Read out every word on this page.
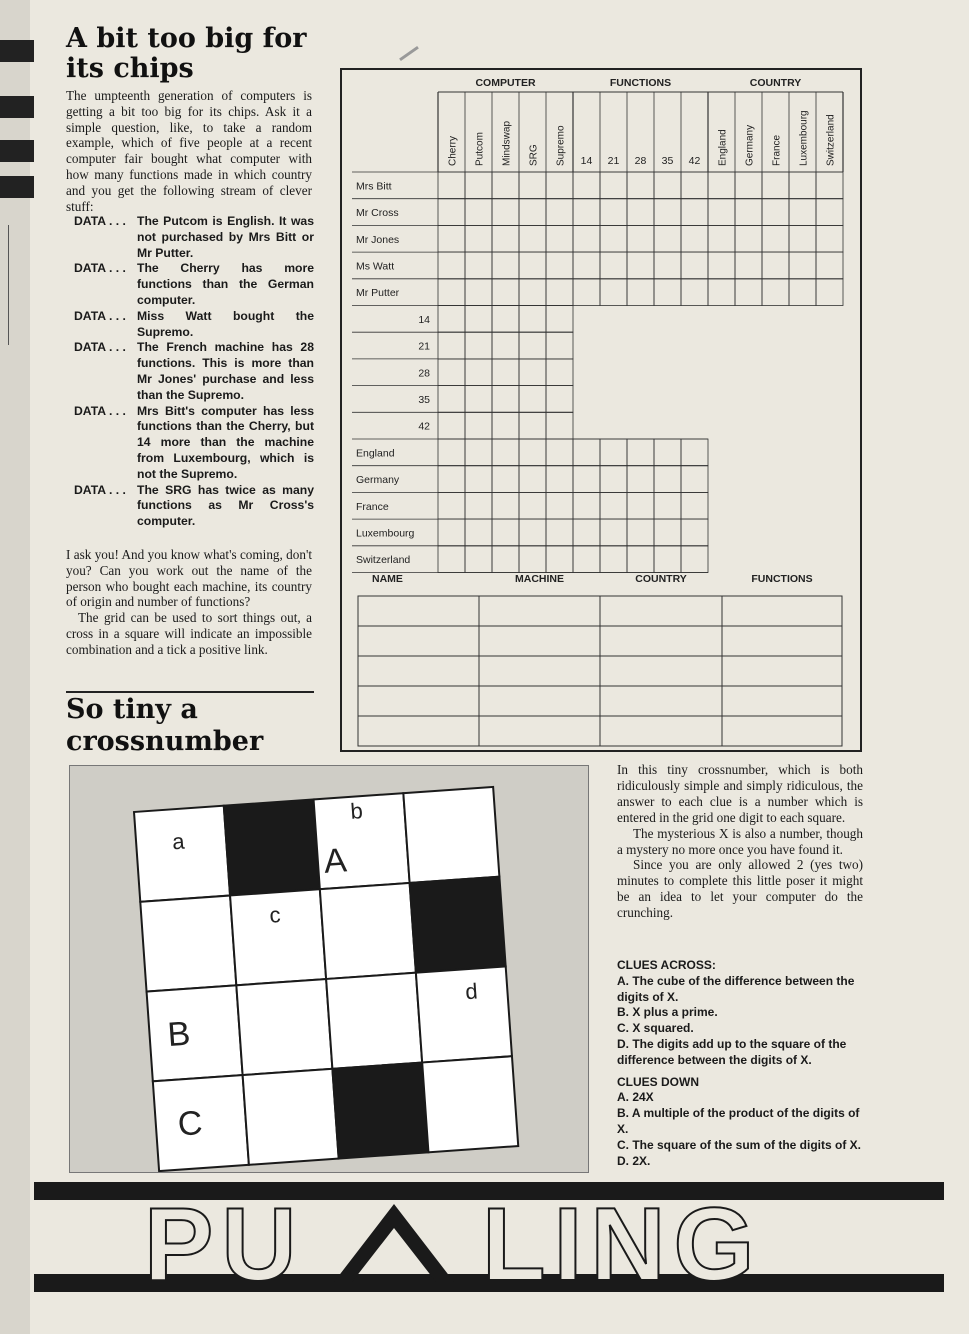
A bit too big for its chips
The umpteenth generation of computers is getting a bit too big for its chips. Ask it a simple question, like, to take a random example, which of five people at a recent computer fair bought what computer with how many functions made in which country and you get the following stream of clever stuff:
DATA . . . The Putcom is English. It was not purchased by Mrs Bitt or Mr Putter.
DATA . . . The Cherry has more functions than the German computer.
DATA . . . Miss Watt bought the Supremo.
DATA . . . The French machine has 28 functions. This is more than Mr Jones' purchase and less than the Supremo.
DATA . . . Mrs Bitt's computer has less functions than the Cherry, but 14 more than the machine from Luxembourg, which is not the Supremo.
DATA . . . The SRG has twice as many functions as Mr Cross's computer.

I ask you! And you know what's coming, don't you? Can you work out the name of the person who bought each machine, its country of origin and number of functions?

The grid can be used to sort things out, a cross in a square will indicate an impossible combination and a tick a positive link.

So tiny a crossnumber
COMPUTER	FUNCTIONS	COUNTRY
Cherry Putcom Mindswap SRG Supremo 14 21 28 35 42 England Germany France Luxembourg Switzerland
Mrs Bitt
Mr Cross
Mr Jones
Ms Watt
Mr Putter
14
21
28
35
42
England
Germany
France
Luxembourg
Switzerland
NAME	MACHINE	COUNTRY	FUNCTIONS
a
b
A
c
B
d
C

In this tiny crossnumber, which is both ridiculously simple and simply ridiculous, the answer to each clue is a number which is entered in the grid one digit to each square.

The mysterious X is also a number, though a mystery no more once you have found it.

Since you are only allowed 2 (yes two) minutes to complete this little poser it might be an idea to let your computer do the crunching.

CLUES ACROSS:
A. The cube of the difference between the digits of X.
B. X plus a prime.
C. X squared.
D. The digits add up to the square of the difference between the digits of X.
CLUES DOWN
A. 24X
B. A multiple of the product of the digits of X.
C. The square of the sum of the digits of X.
D. 2X.
PU LING
